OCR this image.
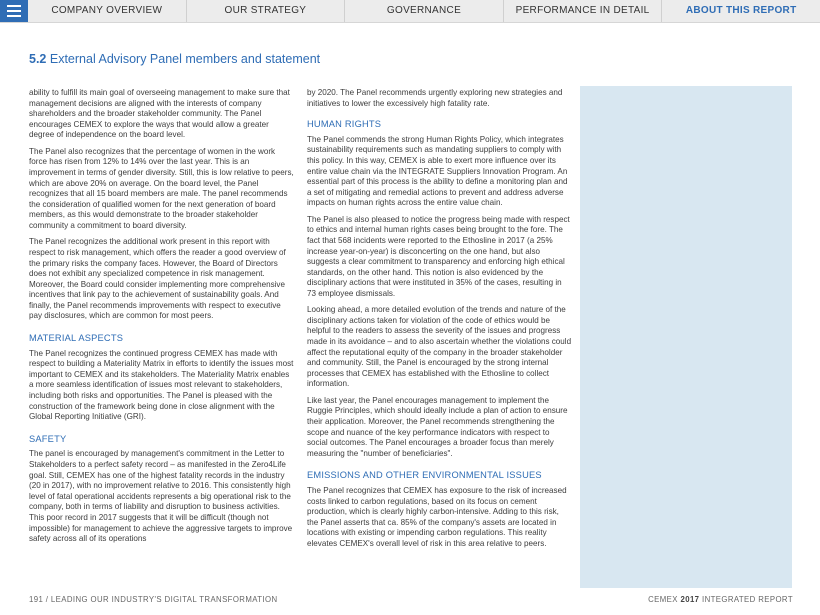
COMPANY OVERVIEW	OUR STRATEGY	GOVERNANCE	PERFORMANCE IN DETAIL	ABOUT THIS REPORT
5.2 External Advisory Panel members and statement

ability to fulfill its main goal of overseeing management to make sure that management decisions are aligned with the interests of company shareholders and the broader stakeholder community. The Panel encourages CEMEX to explore the ways that would allow a greater degree of independence on the board level.

The Panel also recognizes that the percentage of women in the work force has risen from 12% to 14% over the last year. This is an improvement in terms of gender diversity. Still, this is low relative to peers, which are above 20% on average. On the board level, the Panel recognizes that all 15 board members are male. The panel recommends the consideration of qualified women for the next generation of board members, as this would demonstrate to the broader stakeholder community a commitment to board diversity.

The Panel recognizes the additional work present in this report with respect to risk management, which offers the reader a good overview of the primary risks the company faces. However, the Board of Directors does not exhibit any specialized competence in risk management. Moreover, the Board could consider implementing more comprehensive incentives that link pay to the achievement of sustainability goals. And finally, the Panel recommends improvements with respect to executive pay disclosures, which are common for most peers.

MATERIAL ASPECTS

The Panel recognizes the continued progress CEMEX has made with respect to building a Materiality Matrix in efforts to identify the issues most important to CEMEX and its stakeholders. The Materiality Matrix enables a more seamless identification of issues most relevant to stakeholders, including both risks and opportunities. The Panel is pleased with the construction of the framework being done in close alignment with the Global Reporting Initiative (GRI).

SAFETY

The panel is encouraged by management's commitment in the Letter to Stakeholders to a perfect safety record – as manifested in the Zero4Life goal. Still, CEMEX has one of the highest fatality records in the industry (20 in 2017), with no improvement relative to 2016. This consistently high level of fatal operational accidents represents a big operational risk to the company, both in terms of liability and disruption to business activities. This poor record in 2017 suggests that it will be difficult (though not impossible) for management to achieve the aggressive targets to improve safety across all of its operations

by 2020. The Panel recommends urgently exploring new strategies and initiatives to lower the excessively high fatality rate.

HUMAN RIGHTS

The Panel commends the strong Human Rights Policy, which integrates sustainability requirements such as mandating suppliers to comply with this policy. In this way, CEMEX is able to exert more influence over its entire value chain via the INTEGRATE Suppliers Innovation Program. An essential part of this process is the ability to define a monitoring plan and a set of mitigating and remedial actions to prevent and address adverse impacts on human rights across the entire value chain.

The Panel is also pleased to notice the progress being made with respect to ethics and internal human rights cases being brought to the fore. The fact that 568 incidents were reported to the Ethosline in 2017 (a 25% increase year-on-year) is disconcerting on the one hand, but also suggests a clear commitment to transparency and enforcing high ethical standards, on the other hand. This notion is also evidenced by the disciplinary actions that were instituted in 35% of the cases, resulting in 73 employee dismissals.

Looking ahead, a more detailed evolution of the trends and nature of the disciplinary actions taken for violation of the code of ethics would be helpful to the readers to assess the severity of the issues and progress made in its avoidance – and to also ascertain whether the violations could affect the reputational equity of the company in the broader stakeholder and community. Still, the Panel is encouraged by the strong internal processes that CEMEX has established with the Ethosline to collect information.

Like last year, the Panel encourages management to implement the Ruggie Principles, which should ideally include a plan of action to ensure their application. Moreover, the Panel recommends strengthening the scope and nuance of the key performance indicators with respect to social outcomes. The Panel encourages a broader focus than merely measuring the "number of beneficiaries".

EMISSIONS AND OTHER ENVIRONMENTAL ISSUES

The Panel recognizes that CEMEX has exposure to the risk of increased costs linked to carbon regulations, based on its focus on cement production, which is clearly highly carbon-intensive. Adding to this risk, the Panel asserts that ca. 85% of the company's assets are located in locations with existing or impending carbon regulations. This reality elevates CEMEX's overall level of risk in this area relative to peers.

191 / LEADING OUR INDUSTRY'S DIGITAL TRANSFORMATION	CEMEX 2017 INTEGRATED REPORT
